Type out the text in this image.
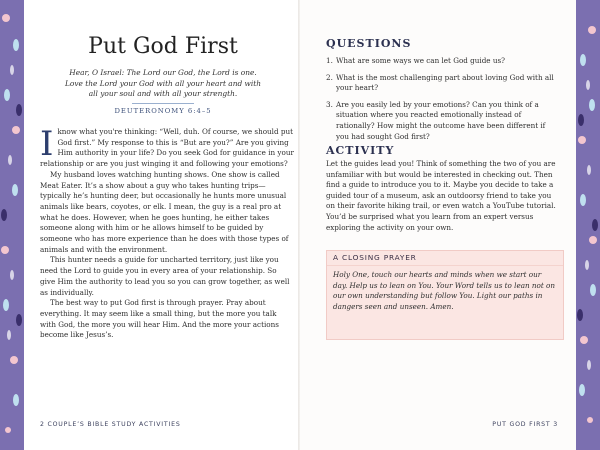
Put God First
Hear, O Israel: The Lord our God, the Lord is one. Love the Lord your God with all your heart and with all your soul and with all your strength.
DEUTERONOMY 6:4–5

Iknow what you're thinking: “Well, duh. Of course, we should put God first.” My response to this is “But are you?” Are you giving Him authority in your life? Do you seek God for guidance in your relationship or are you just winging it and following your emotions?

My husband loves watching hunting shows. One show is called Meat Eater. It’s a show about a guy who takes hunting trips—typically he’s hunting deer, but occasionally he hunts more unusual animals like bears, coyotes, or elk. I mean, the guy is a real pro at what he does. However, when he goes hunting, he either takes someone along with him or he allows himself to be guided by someone who has more experience than he does with those types of animals and with the environment.

This hunter needs a guide for uncharted territory, just like you need the Lord to guide you in every area of your relationship. So give Him the authority to lead you so you can grow together, as well as individually.

The best way to put God first is through prayer. Pray about everything. It may seem like a small thing, but the more you talk with God, the more you will hear Him. And the more your actions become like Jesus’s.

2 COUPLE’S BIBLE STUDY ACTIVITIES
QUESTIONS
1. What are some ways we can let God guide us?
2. What is the most challenging part about loving God with all your heart?
3. Are you easily led by your emotions? Can you think of a situation where you reacted emotionally instead of rationally? How might the outcome have been different if you had sought God first?
ACTIVITY
Let the guides lead you! Think of something the two of you are unfamiliar with but would be interested in checking out. Then find a guide to introduce you to it. Maybe you decide to take a guided tour of a museum, ask an outdoorsy friend to take you on their favorite hiking trail, or even watch a YouTube tutorial. You’d be surprised what you learn from an expert versus exploring the activity on your own.
A CLOSING PRAYER
Holy One, touch our hearts and minds when we start our day. Help us to lean on You. Your Word tells us to lean not on our own understanding but follow You. Light our paths in dangers seen and unseen. Amen.
PUT GOD FIRST 3
